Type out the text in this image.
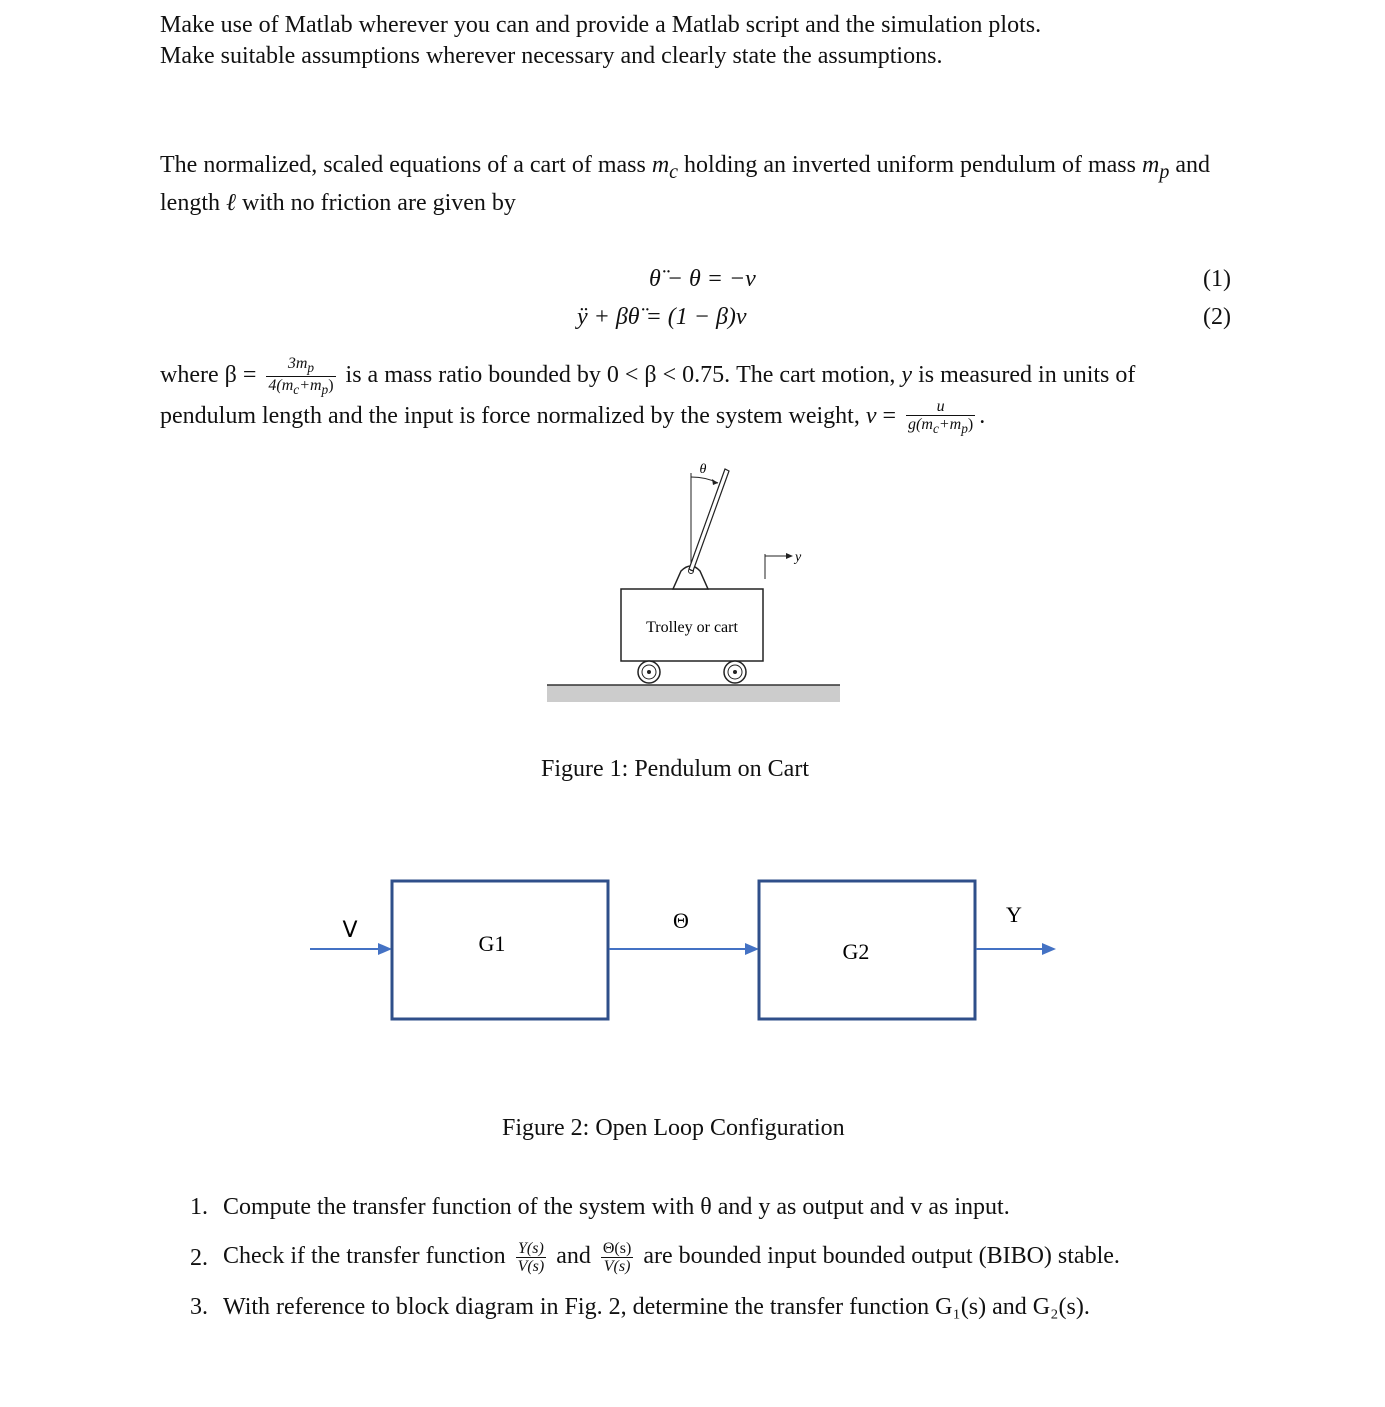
Make use of Matlab wherever you can and provide a Matlab script and the simulation plots.
Make suitable assumptions wherever necessary and clearly state the assumptions.
The normalized, scaled equations of a cart of mass $m_c$ holding an inverted uniform pendulum of mass $m_p$ and length ℓ with no friction are given by
θ̈ − θ = −v	(1)
ÿ + βθ̈ = (1 − β)v	(2)
where $\beta = \frac{3m_p}{4(m_c+m_p)}$ is a mass ratio bounded by 0 < β < 0.75. The cart motion, y is measured in units of pendulum length and the input is force normalized by the system weight, $v = \frac{u}{g(m_c+m_p)}$ .
Trolley or cart
θ
y
Figure 1: Pendulum on Cart
V
G1
Θ
G2
Y
Figure 2: Open Loop Configuration
1. Compute the transfer function of the system with θ and y as output and v as input.
2. Check if the transfer function $\frac{Y(s)}{V(s)}$ and $\frac{\Theta(s)}{V(s)}$ are bounded input bounded output (BIBO) stable.
3. With reference to block diagram in Fig. 2, determine the transfer function G₁(s) and G₂(s).
